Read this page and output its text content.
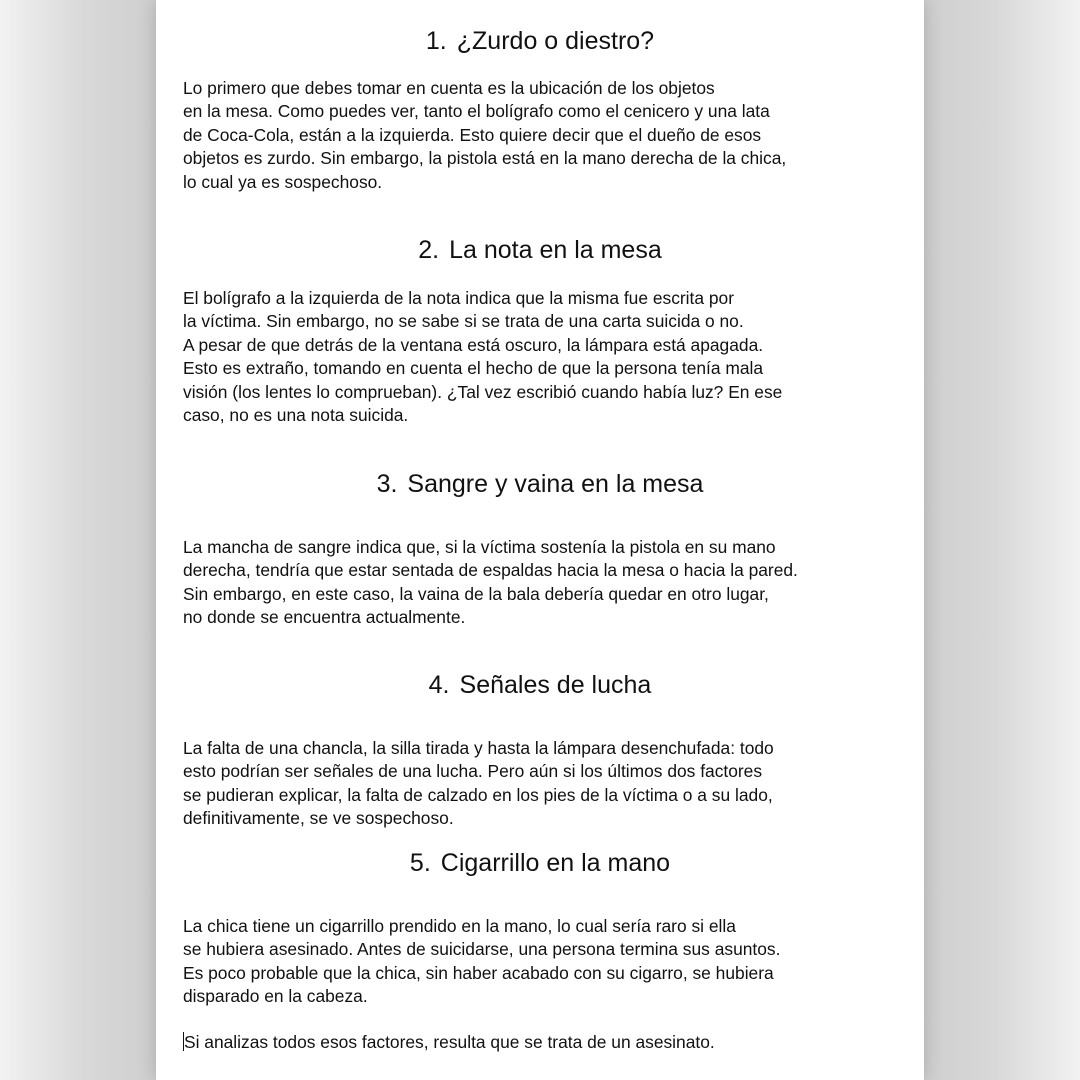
1. ¿Zurdo o diestro?
Lo primero que debes tomar en cuenta es la ubicación de los objetos
en la mesa. Como puedes ver, tanto el bolígrafo como el cenicero y una lata
de Coca-Cola, están a la izquierda. Esto quiere decir que el dueño de esos
objetos es zurdo. Sin embargo, la pistola está en la mano derecha de la chica,
lo cual ya es sospechoso.
2. La nota en la mesa
El bolígrafo a la izquierda de la nota indica que la misma fue escrita por
la víctima. Sin embargo, no se sabe si se trata de una carta suicida o no.
A pesar de que detrás de la ventana está oscuro, la lámpara está apagada.
Esto es extraño, tomando en cuenta el hecho de que la persona tenía mala
visión (los lentes lo comprueban). ¿Tal vez escribió cuando había luz? En ese
caso, no es una nota suicida.
3. Sangre y vaina en la mesa
La mancha de sangre indica que, si la víctima sostenía la pistola en su mano
derecha, tendría que estar sentada de espaldas hacia la mesa o hacia la pared.
Sin embargo, en este caso, la vaina de la bala debería quedar en otro lugar,
no donde se encuentra actualmente.
4. Señales de lucha
La falta de una chancla, la silla tirada y hasta la lámpara desenchufada: todo
esto podrían ser señales de una lucha. Pero aún si los últimos dos factores
se pudieran explicar, la falta de calzado en los pies de la víctima o a su lado,
definitivamente, se ve sospechoso.
5. Cigarrillo en la mano
La chica tiene un cigarrillo prendido en la mano, lo cual sería raro si ella
se hubiera asesinado. Antes de suicidarse, una persona termina sus asuntos.
Es poco probable que la chica, sin haber acabado con su cigarro, se hubiera
disparado en la cabeza.
Si analizas todos esos factores, resulta que se trata de un asesinato.
